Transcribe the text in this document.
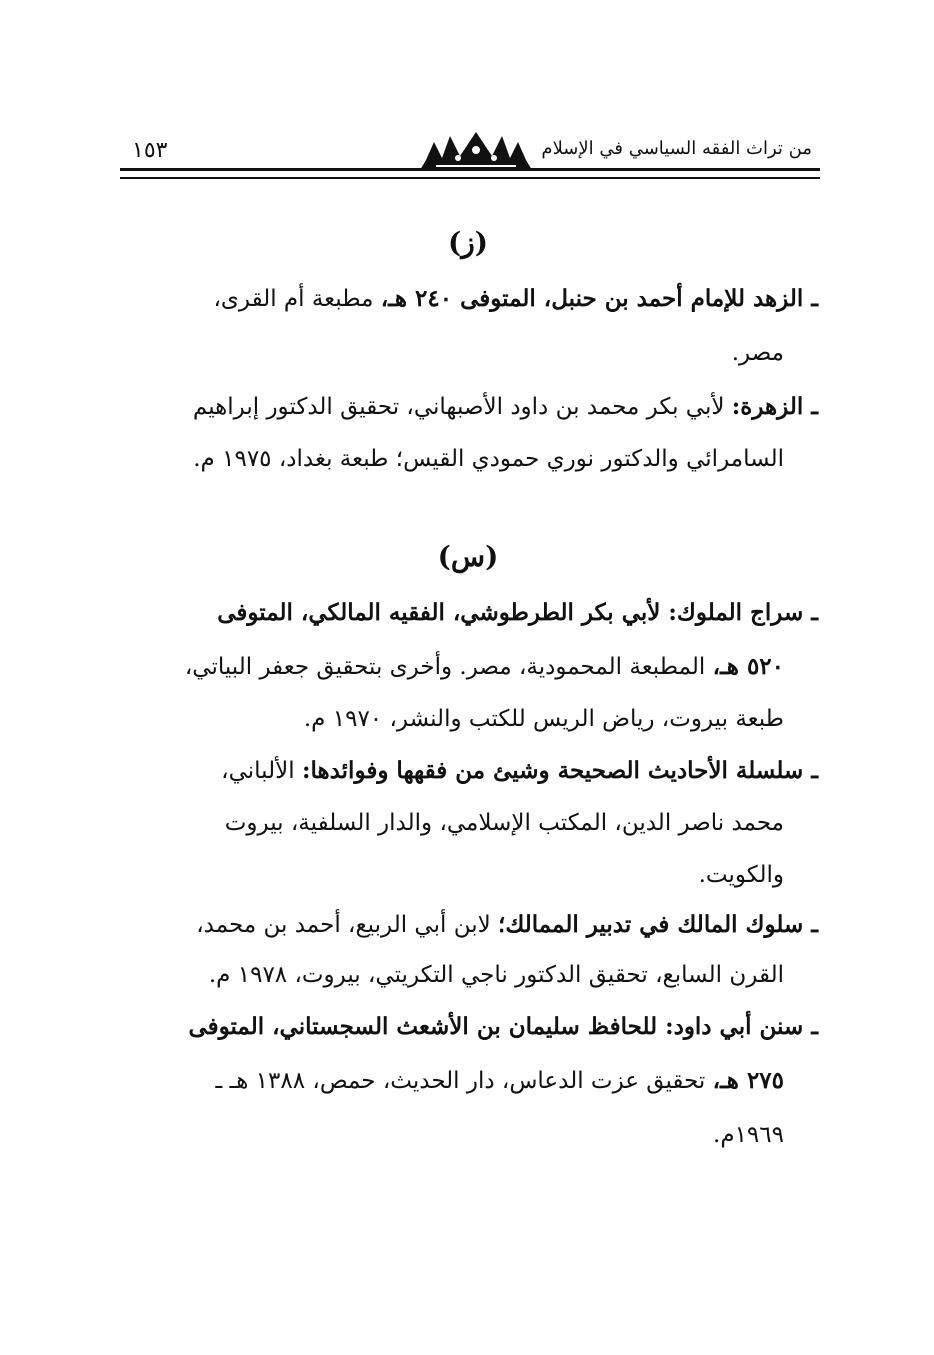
من تراث الفقه السياسي في الإسلام
١٥٣
(ز)
ـ الزهد للإمام أحمد بن حنبل، المتوفى ٢٤٠ هـ، مطبعة أم القرى،
مصر.
ـ الزهرة: لأبي بكر محمد بن داود الأصبهاني، تحقيق الدكتور إبراهيم
السامرائي والدكتور نوري حمودي القيس؛ طبعة بغداد، ١٩٧٥ م.
(س)
ـ سراج الملوك: لأبي بكر الطرطوشي، الفقيه المالكي، المتوفى
٥٢٠ هـ، المطبعة المحمودية، مصر. وأخرى بتحقيق جعفر البياتي،
طبعة بيروت، رياض الريس للكتب والنشر، ١٩٧٠ م.
ـ سلسلة الأحاديث الصحيحة وشيئ من فقهها وفوائدها: الألباني،
محمد ناصر الدين، المكتب الإسلامي، والدار السلفية، بيروت
والكويت.
ـ سلوك المالك في تدبير الممالك؛ لابن أبي الربيع، أحمد بن محمد،
القرن السابع، تحقيق الدكتور ناجي التكريتي، بيروت، ١٩٧٨ م.
ـ سنن أبي داود: للحافظ سليمان بن الأشعث السجستاني، المتوفى
٢٧٥ هـ، تحقيق عزت الدعاس، دار الحديث، حمص، ١٣٨٨ هـ ـ
١٩٦٩م.
